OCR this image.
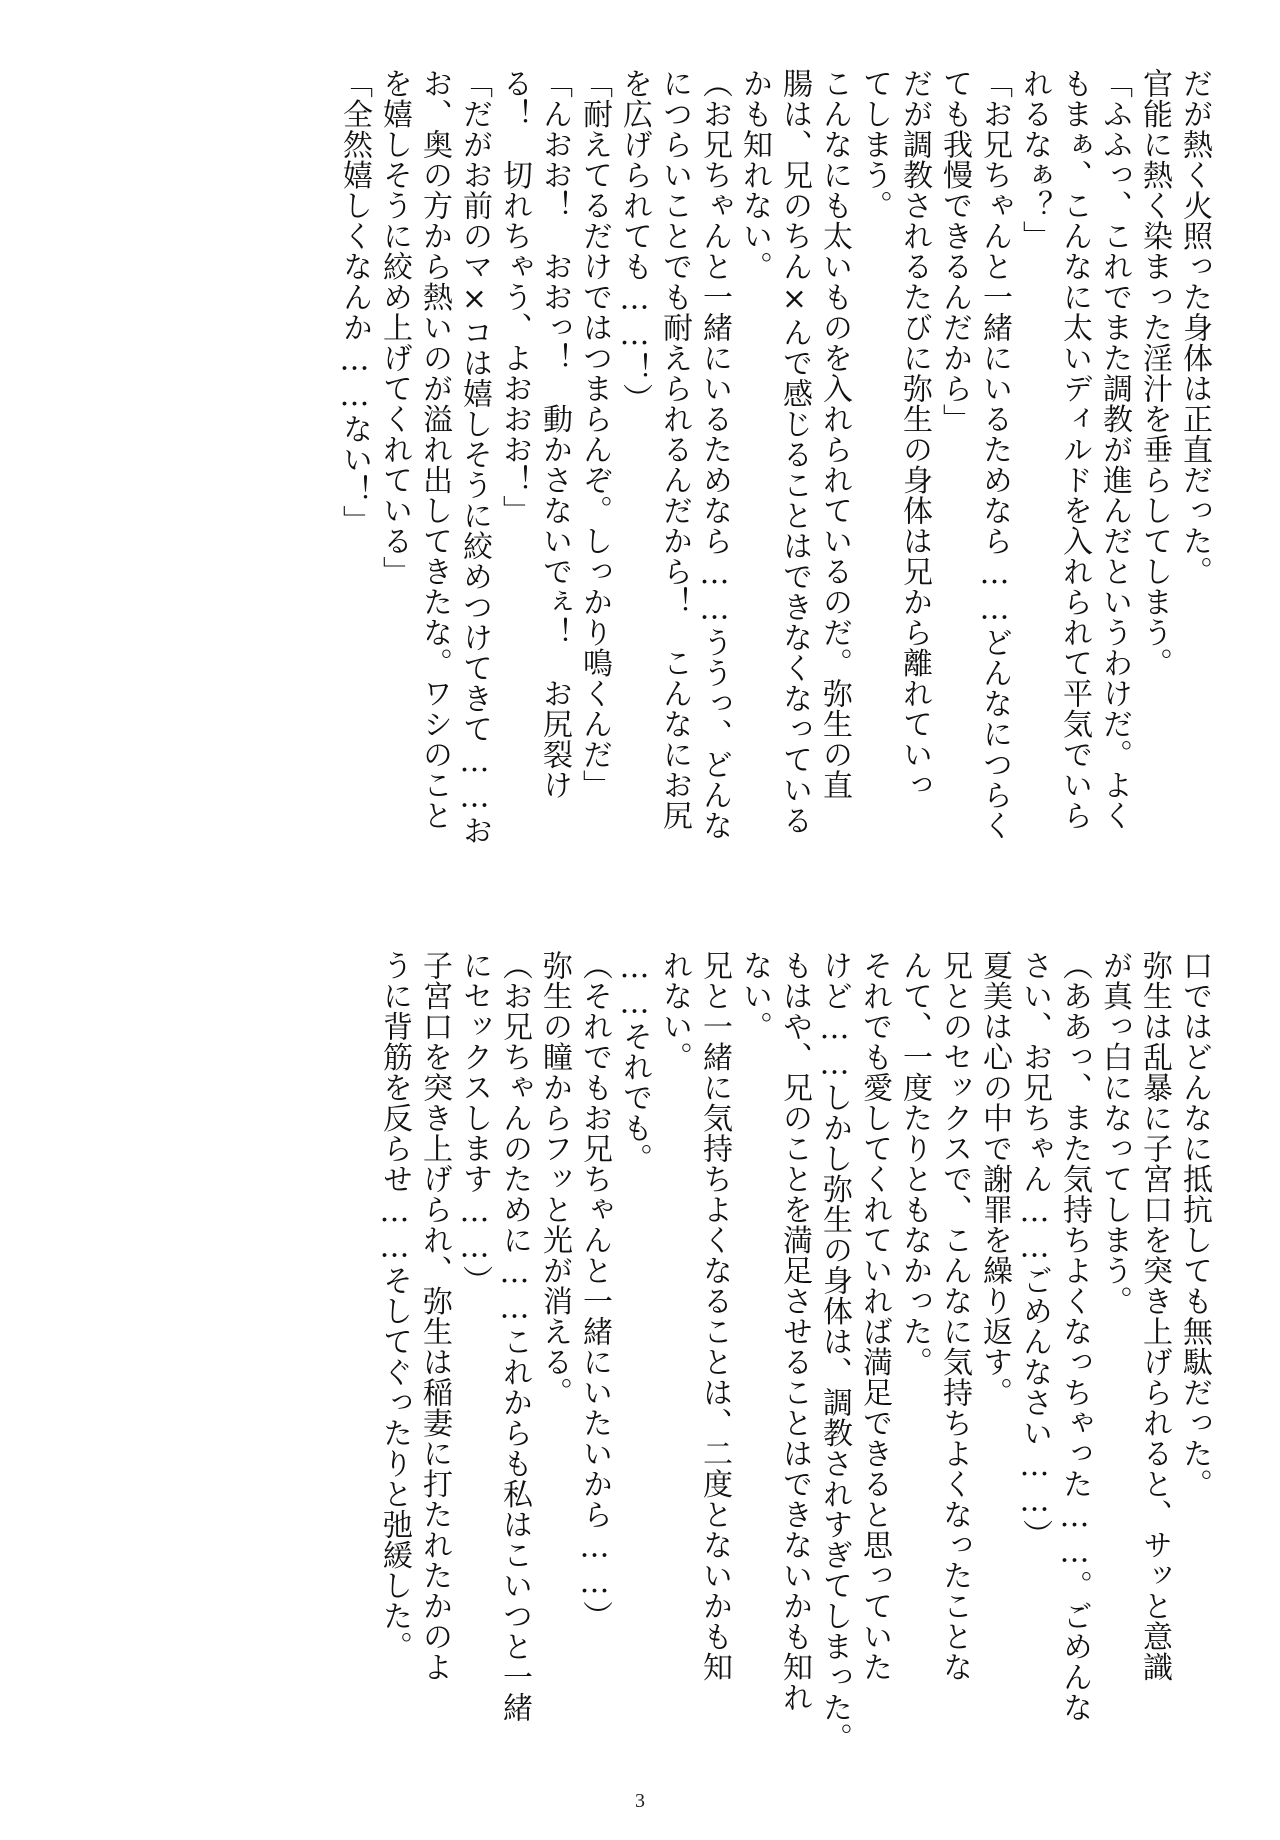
だが熱く火照った身体は正直だった。
官能に熱く染まった淫汁を垂らしてしまう。
「ふふっ、これでまた調教が進んだというわけだ。よく
もまぁ、こんなに太いディルドを入れられて平気でいら
れるなぁ？」
「お兄ちゃんと一緒にいるためなら……どんなにつらく
ても我慢できるんだから」
だが調教されるたびに弥生の身体は兄から離れていっ
てしまう。
こんなにも太いものを入れられているのだ。弥生の直
腸は、兄のちん×んで感じることはできなくなっている
かも知れない。
（お兄ちゃんと一緒にいるためなら……ううっ、どんな
につらいことでも耐えられるんだから！　こんなにお尻
を広げられても……！）
「耐えてるだけではつまらんぞ。しっかり鳴くんだ」
「んおお！　おおっ！　動かさないでぇ！　お尻裂け
る！　切れちゃう、よおおお！」
「だがお前のマ×コは嬉しそうに絞めつけてきて……お
お、奥の方から熱いのが溢れ出してきたな。ワシのこと
を嬉しそうに絞め上げてくれている」
「全然嬉しくなんか……ない！」
口ではどんなに抵抗しても無駄だった。
弥生は乱暴に子宮口を突き上げられると、サッと意識
が真っ白になってしまう。
（ああっ、また気持ちよくなっちゃった……。ごめんな
さい、お兄ちゃん……ごめんなさい……）
夏美は心の中で謝罪を繰り返す。
兄とのセックスで、こんなに気持ちよくなったことな
んて、一度たりともなかった。
それでも愛してくれていれば満足できると思っていた
けど……しかし弥生の身体は、調教されすぎてしまった。
もはや、兄のことを満足させることはできないかも知れ
ない。
兄と一緒に気持ちよくなることは、二度とないかも知
れない。
……それでも。
（それでもお兄ちゃんと一緒にいたいから……）
弥生の瞳からフッと光が消える。
（お兄ちゃんのために……これからも私はこいつと一緒
にセックスします……）
子宮口を突き上げられ、弥生は稲妻に打たれたかのよ
うに背筋を反らせ……そしてぐったりと弛緩した。
3
